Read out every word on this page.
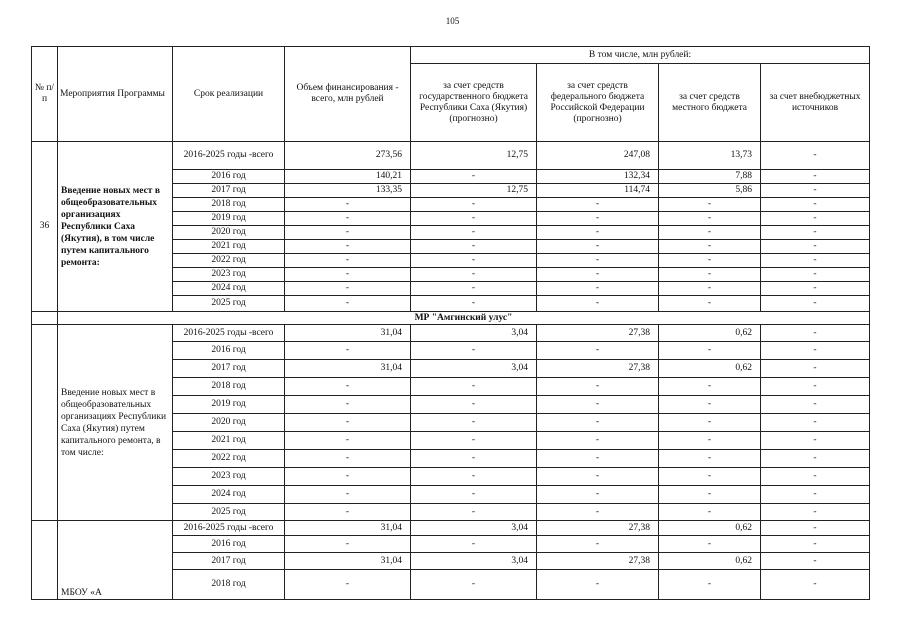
105
№ п/п	Мероприятия Программы	Срок реализации	Объем финансирования - всего, млн рублей	В том числе, млн рублей:			
				за счет средств государственного бюджета Республики Саха (Якутия) (прогнозно)	за счет средств федерального бюджета Российской Федерации (прогнозно)	за счет средств местного бюджета	за счет внебюджетных источников
36	Введение новых мест в общеобразовательных организациях Республики Саха (Якутия), в том числе путем капитального ремонта:	2016-2025 годы -всего	273,56	12,75	247,08	13,73	-
		2016 год	140,21	-	132,34	7,88	-
		2017 год	133,35	12,75	114,74	5,86	-
		2018 год	-	-	-	-	-
		2019 год	-	-	-	-	-
		2020 год	-	-	-	-	-
		2021 год	-	-	-	-	-
		2022 год	-	-	-	-	-
		2023 год	-	-	-	-	-
		2024 год	-	-	-	-	-
		2025 год	-	-	-	-	-
	МР "Амгинский улус"						
	Введение новых мест в общеобразовательных организациях Республики Саха (Якутия) путем капитального ремонта, в том числе:	2016-2025 годы -всего	31,04	3,04	27,38	0,62	-
		2016 год	-	-	-	-	-
		2017 год	31,04	3,04	27,38	0,62	-
		2018 год	-	-	-	-	-
		2019 год	-	-	-	-	-
		2020 год	-	-	-	-	-
		2021 год	-	-	-	-	-
		2022 год	-	-	-	-	-
		2023 год	-	-	-	-	-
		2024 год	-	-	-	-	-
		2025 год	-	-	-	-	-
	МБОУ «А	2016-2025 годы -всего	31,04	3,04	27,38	0,62	-
		2016 год	-	-	-	-	-
		2017 год	31,04	3,04	27,38	0,62	-
		2018 год	-	-	-	-	-
